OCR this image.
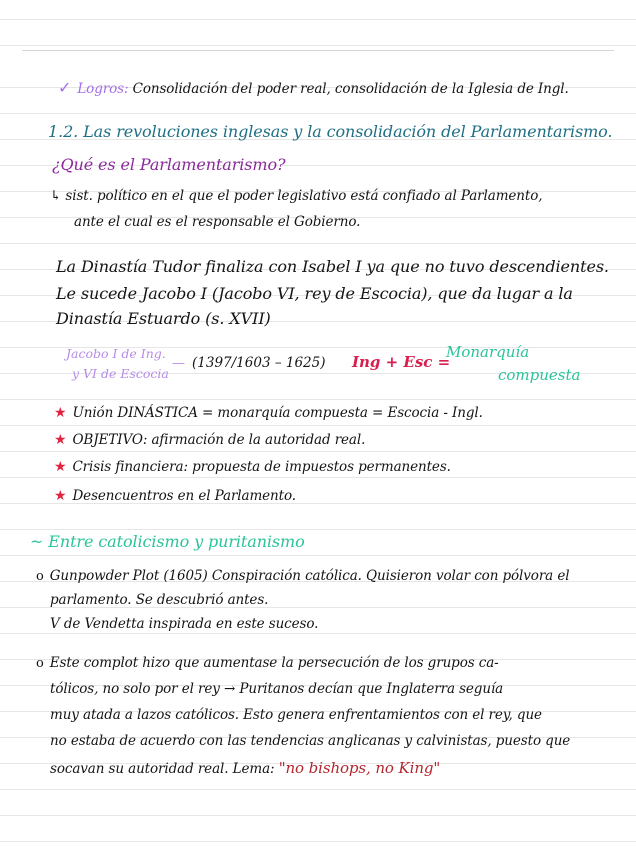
✓ Logros: Consolidación del poder real, consolidación de la Iglesia de Ingl.
1.2. Las revoluciones inglesas y la consolidación del Parlamentarismo.
¿Qué es el Parlamentarismo?
↳ sist. político en el que el poder legislativo está confiado al Parlamento,
ante el cual es el responsable el Gobierno.
La Dinastía Tudor finaliza con Isabel I ya que no tuvo descendientes.
Le sucede Jacobo I (Jacobo VI, rey de Escocia), que da lugar a la
Dinastía Estuardo (s. XVII)
Jacobo I de Ing.
y VI de Escocia
— (1397/1603 – 1625) Ing + Esc =
Monarquía
compuesta
★ Unión DINÁSTICA = monarquía compuesta = Escocia - Ingl.
★ OBJETIVO: afirmación de la autoridad real.
★ Crisis financiera: propuesta de impuestos permanentes.
★ Desencuentros en el Parlamento.
~ Entre catolicismo y puritanismo
o Gunpowder Plot (1605) Conspiración católica. Quisieron volar con pólvora el
parlamento. Se descubrió antes.
V de Vendetta inspirada en este suceso.
o Este complot hizo que aumentase la persecución de los grupos ca-
tólicos, no solo por el rey → Puritanos decían que Inglaterra seguía
muy atada a lazos católicos. Esto genera enfrentamientos con el rey, que
no estaba de acuerdo con las tendencias anglicanas y calvinistas, puesto que
socavan su autoridad real. Lema: "no bishops, no King"
